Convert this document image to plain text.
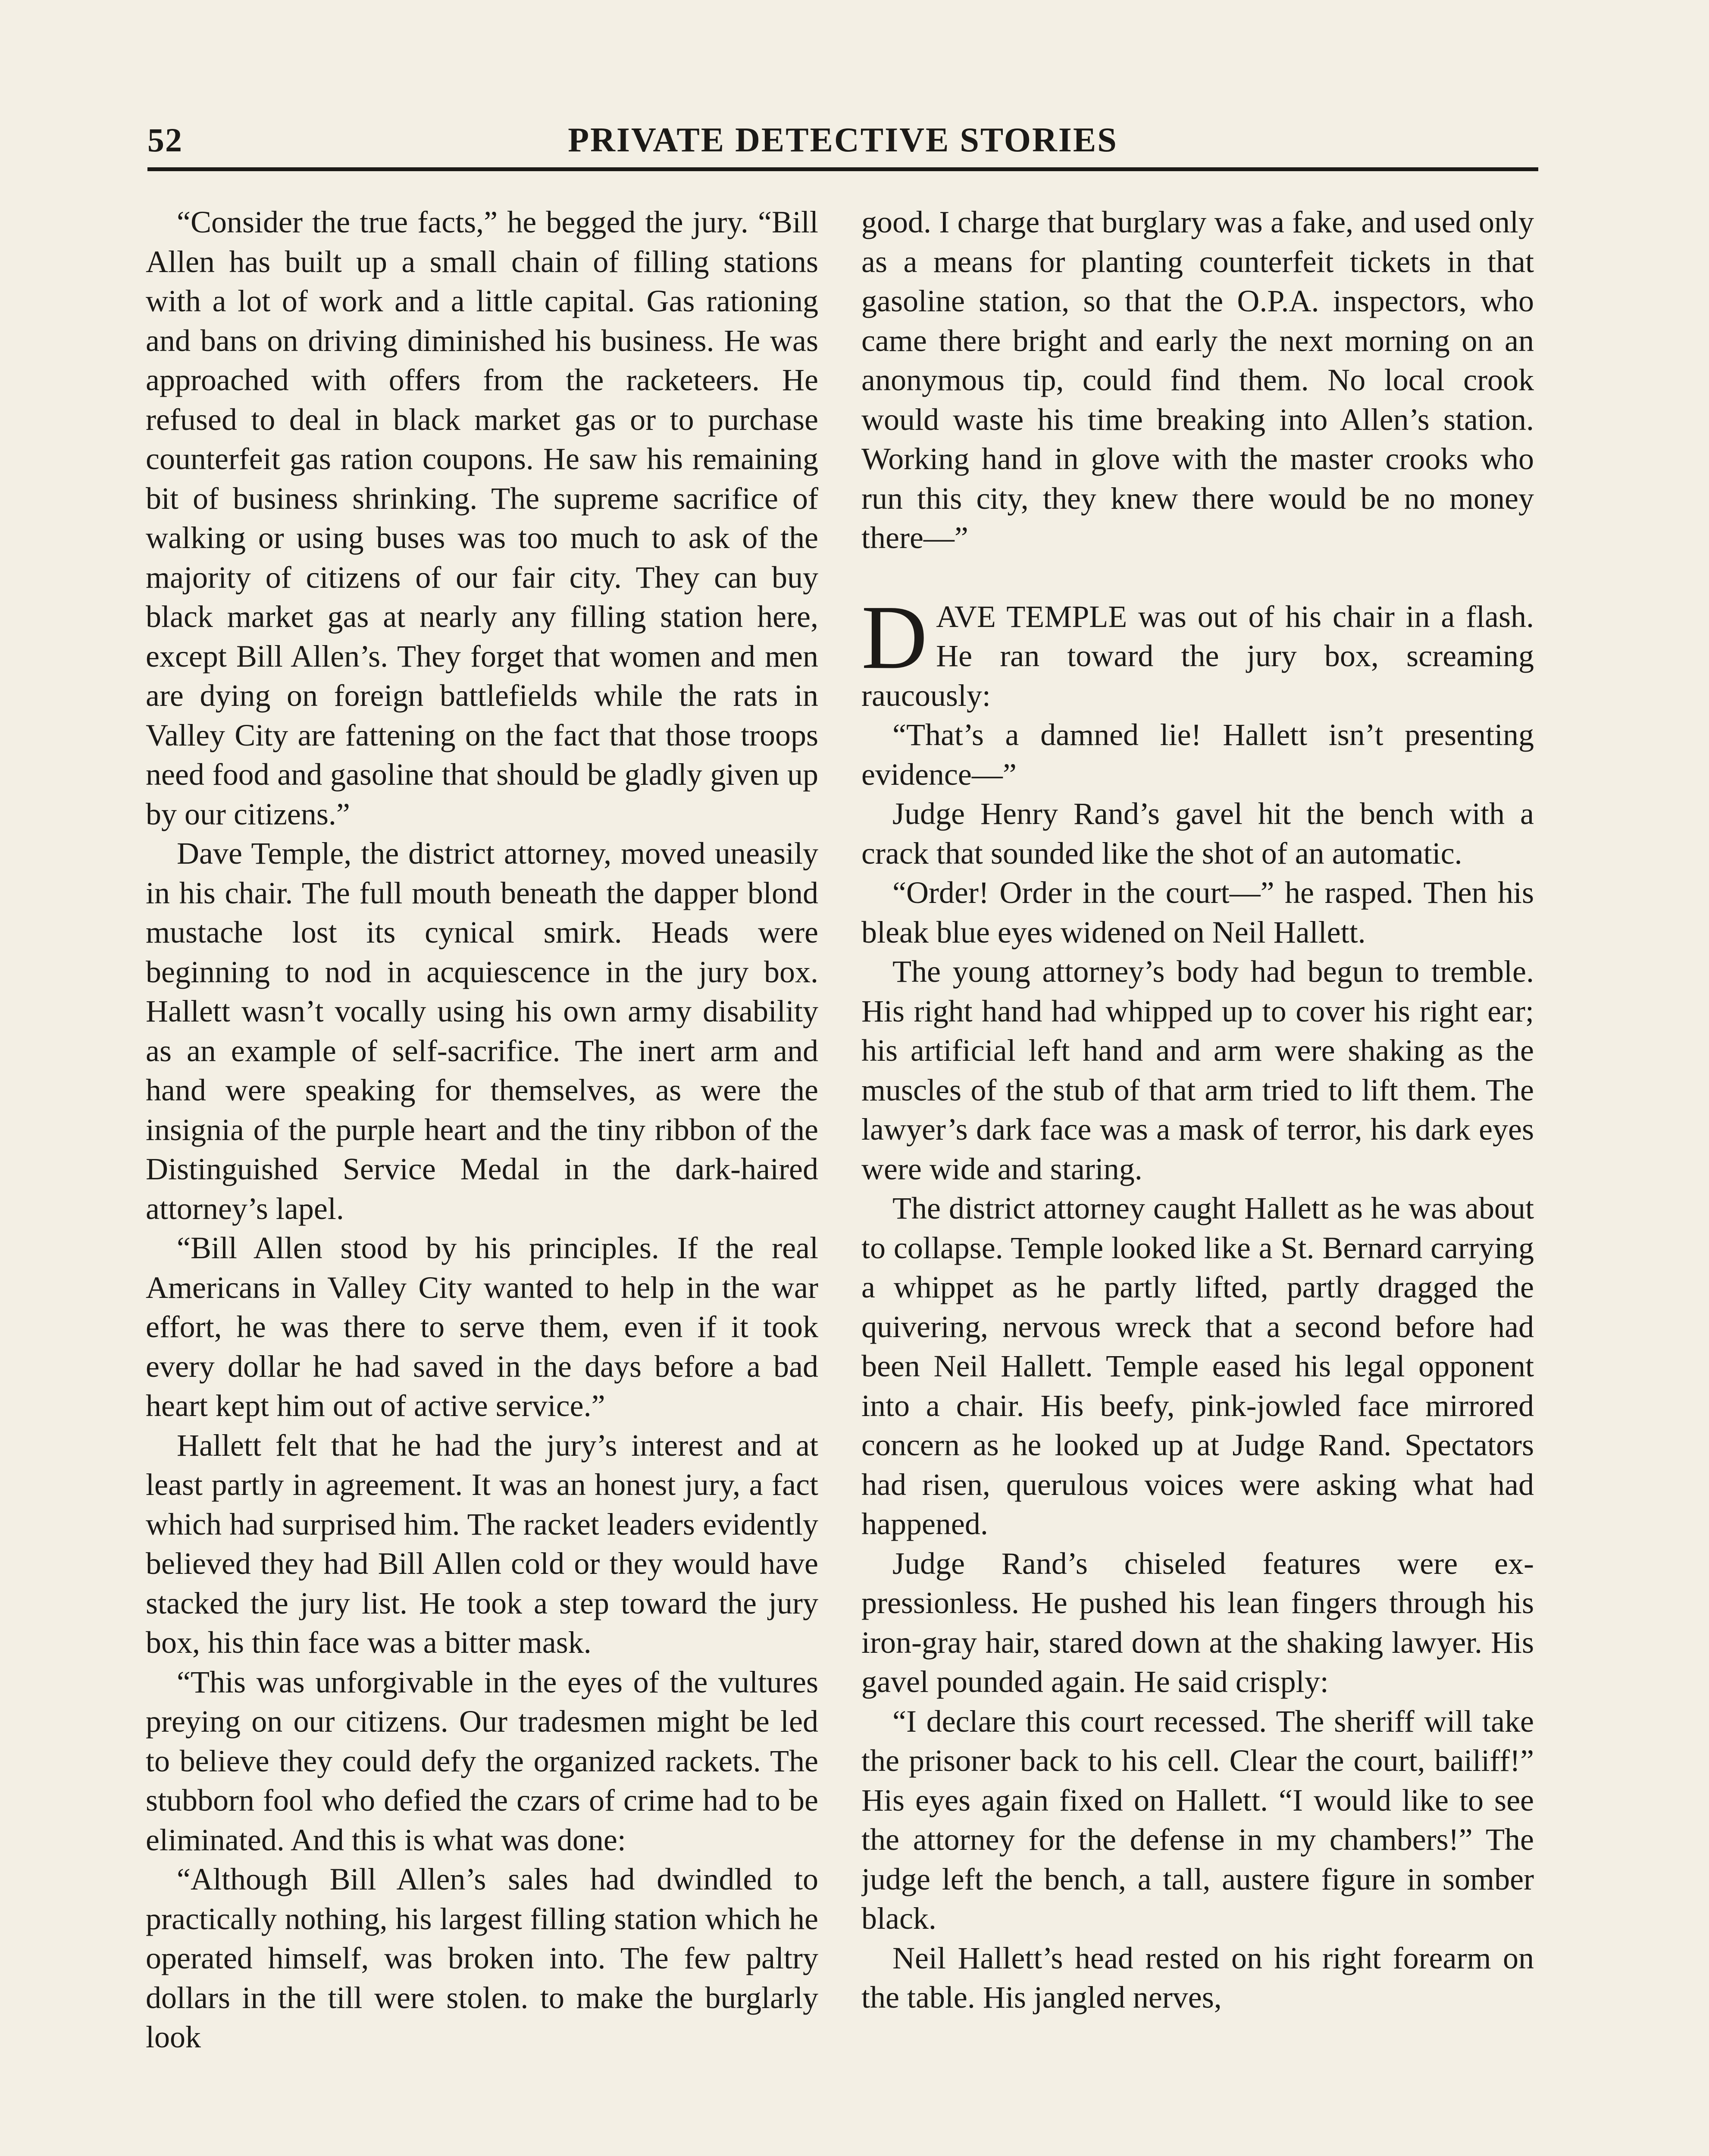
52	PRIVATE DETECTIVE STORIES

“Consider the true facts,” he begged the jury. “Bill Allen has built up a small chain of filling stations with a lot of work and a little capital. Gas rationing and bans on driving diminished his business. He was approached with offers from the racketeers. He refused to deal in black market gas or to purchase counterfeit gas ration coupons. He saw his remaining bit of business shrinking. The supreme sacrifice of walking or using buses was too much to ask of the majority of citizens of our fair city. They can buy black market gas at nearly any filling station here, except Bill Allen’s. They forget that women and men are dying on foreign battlefields while the rats in Valley City are fattening on the fact that those troops need food and gasoline that should be gladly given up by our citizens.”

Dave Temple, the district attorney, moved uneasily in his chair. The full mouth beneath the dapper blond mustache lost its cynical smirk. Heads were beginning to nod in acquiescence in the jury box. Hallett wasn’t vocally using his own army disability as an example of self-sacrifice. The inert arm and hand were speaking for themselves, as were the insignia of the purple heart and the tiny ribbon of the Distinguished Service Medal in the dark-haired attorney’s lapel.

“Bill Allen stood by his principles. If the real Americans in Valley City wanted to help in the war effort, he was there to serve them, even if it took every dollar he had saved in the days before a bad heart kept him out of active service.”

Hallett felt that he had the jury’s interest and at least partly in agreement. It was an honest jury, a fact which had surprised him. The racket leaders evidently believed they had Bill Allen cold or they would have stacked the jury list. He took a step toward the jury box, his thin face was a bitter mask.

“This was unforgivable in the eyes of the vultures preying on our citizens. Our tradesmen might be led to believe they could defy the organized rackets. The stubborn fool who defied the czars of crime had to be eliminated. And this is what was done:

“Although Bill Allen’s sales had dwindled to practically nothing, his largest filling station which he operated himself, was broken into. The few paltry dollars in the till were stolen. to make the burglarly look

good. I charge that burglary was a fake, and used only as a means for planting counterfeit tickets in that gasoline station, so that the O.P.A. inspectors, who came there bright and early the next morning on an anonymous tip, could find them. No local crook would waste his time breaking into Allen’s station. Working hand in glove with the master crooks who run this city, they knew there would be no money there—”

DAVE TEMPLE was out of his chair in a flash. He ran toward the jury box, screaming raucously:

“That’s a damned lie! Hallett isn’t presenting evidence—”

Judge Henry Rand’s gavel hit the bench with a crack that sounded like the shot of an automatic.

“Order! Order in the court—” he rasped. Then his bleak blue eyes widened on Neil Hallett.

The young attorney’s body had begun to tremble. His right hand had whipped up to cover his right ear; his artificial left hand and arm were shaking as the muscles of the stub of that arm tried to lift them. The lawyer’s dark face was a mask of terror, his dark eyes were wide and staring.

The district attorney caught Hallett as he was about to collapse. Temple looked like a St. Bernard carrying a whippet as he partly lifted, partly dragged the quivering, nervous wreck that a second before had been Neil Hallett. Temple eased his legal opponent into a chair. His beefy, pink-jowled face mirrored concern as he looked up at Judge Rand. Spectators had risen, querulous voices were asking what had happened.

Judge Rand’s chiseled features were expressionless. He pushed his lean fingers through his iron-gray hair, stared down at the shaking lawyer. His gavel pounded again. He said crisply:

“I declare this court recessed. The sheriff will take the prisoner back to his cell. Clear the court, bailiff!” His eyes again fixed on Hallett. “I would like to see the attorney for the defense in my chambers!” The judge left the bench, a tall, austere figure in somber black.

Neil Hallett’s head rested on his right forearm on the table. His jangled nerves,
